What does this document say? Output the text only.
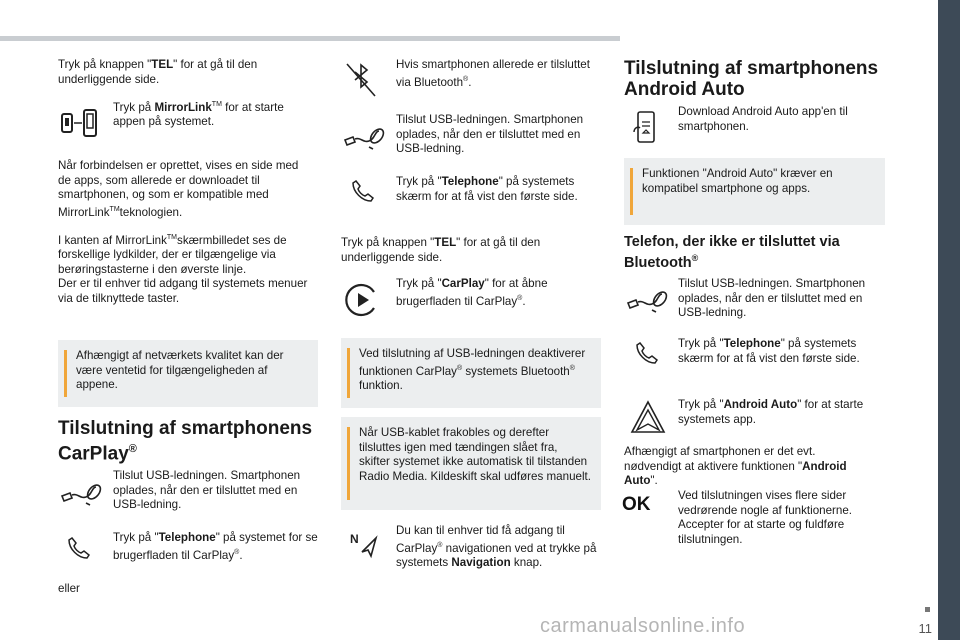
Tryk på knappen "TEL" for at gå til den underliggende side.

Tryk på MirrorLink™ for at starte appen på systemet.

Når forbindelsen er oprettet, vises en side med de apps, som allerede er downloadet til smartphonen, og som er kompatible med MirrorLink™teknologien.

I kanten af MirrorLink™skærmbilledet ses de forskellige lydkilder, der er tilgængelige via berøringstasterne i den øverste linje.
Der er til enhver tid adgang til systemets menuer via de tilknyttede taster.

Afhængigt af netværkets kvalitet kan der være ventetid for tilgængeligheden af appene.
Tilslutning af smartphonens CarPlay®

Tilslut USB-ledningen. Smartphonen oplades, når den er tilsluttet med en USB-ledning.

Tryk på "Telephone" på systemet for se brugerfladen til CarPlay®.

eller

Hvis smartphonen allerede er tilsluttet via Bluetooth®.

Tilslut USB-ledningen. Smartphonen oplades, når den er tilsluttet med en USB-ledning.

Tryk på "Telephone" på systemets skærm for at få vist den første side.

Tryk på knappen "TEL" for at gå til den underliggende side.

Tryk på "CarPlay" for at åbne brugerfladen til CarPlay®.

Ved tilslutning af USB-ledningen deaktiverer funktionen CarPlay® systemets Bluetooth® funktion.
Når USB-kablet frakobles og derefter tilsluttes igen med tændingen slået fra, skifter systemet ikke automatisk til tilstanden Radio Media. Kildeskift skal udføres manuelt.
N

Du kan til enhver tid få adgang til CarPlay® navigationen ved at trykke på systemets Navigation knap.

Tilslutning af smartphonens Android Auto

Download Android Auto app'en til smartphonen.

Funktionen "Android Auto" kræver en kompatibel smartphone og apps.
Telefon, der ikke er tilsluttet via Bluetooth®

Tilslut USB-ledningen. Smartphonen oplades, når den er tilsluttet med en USB-ledning.

Tryk på "Telephone" på systemets skærm for at få vist den første side.

Tryk på "Android Auto" for at starte systemets app.

Afhængigt af smartphonen er det evt. nødvendigt at aktivere funktionen "Android Auto".

OK	Ved tilslutningen vises flere sider vedrørende nogle af funktionerne. Accepter for at starte og fuldføre tilslutningen.

11
carmanualsonline.info
